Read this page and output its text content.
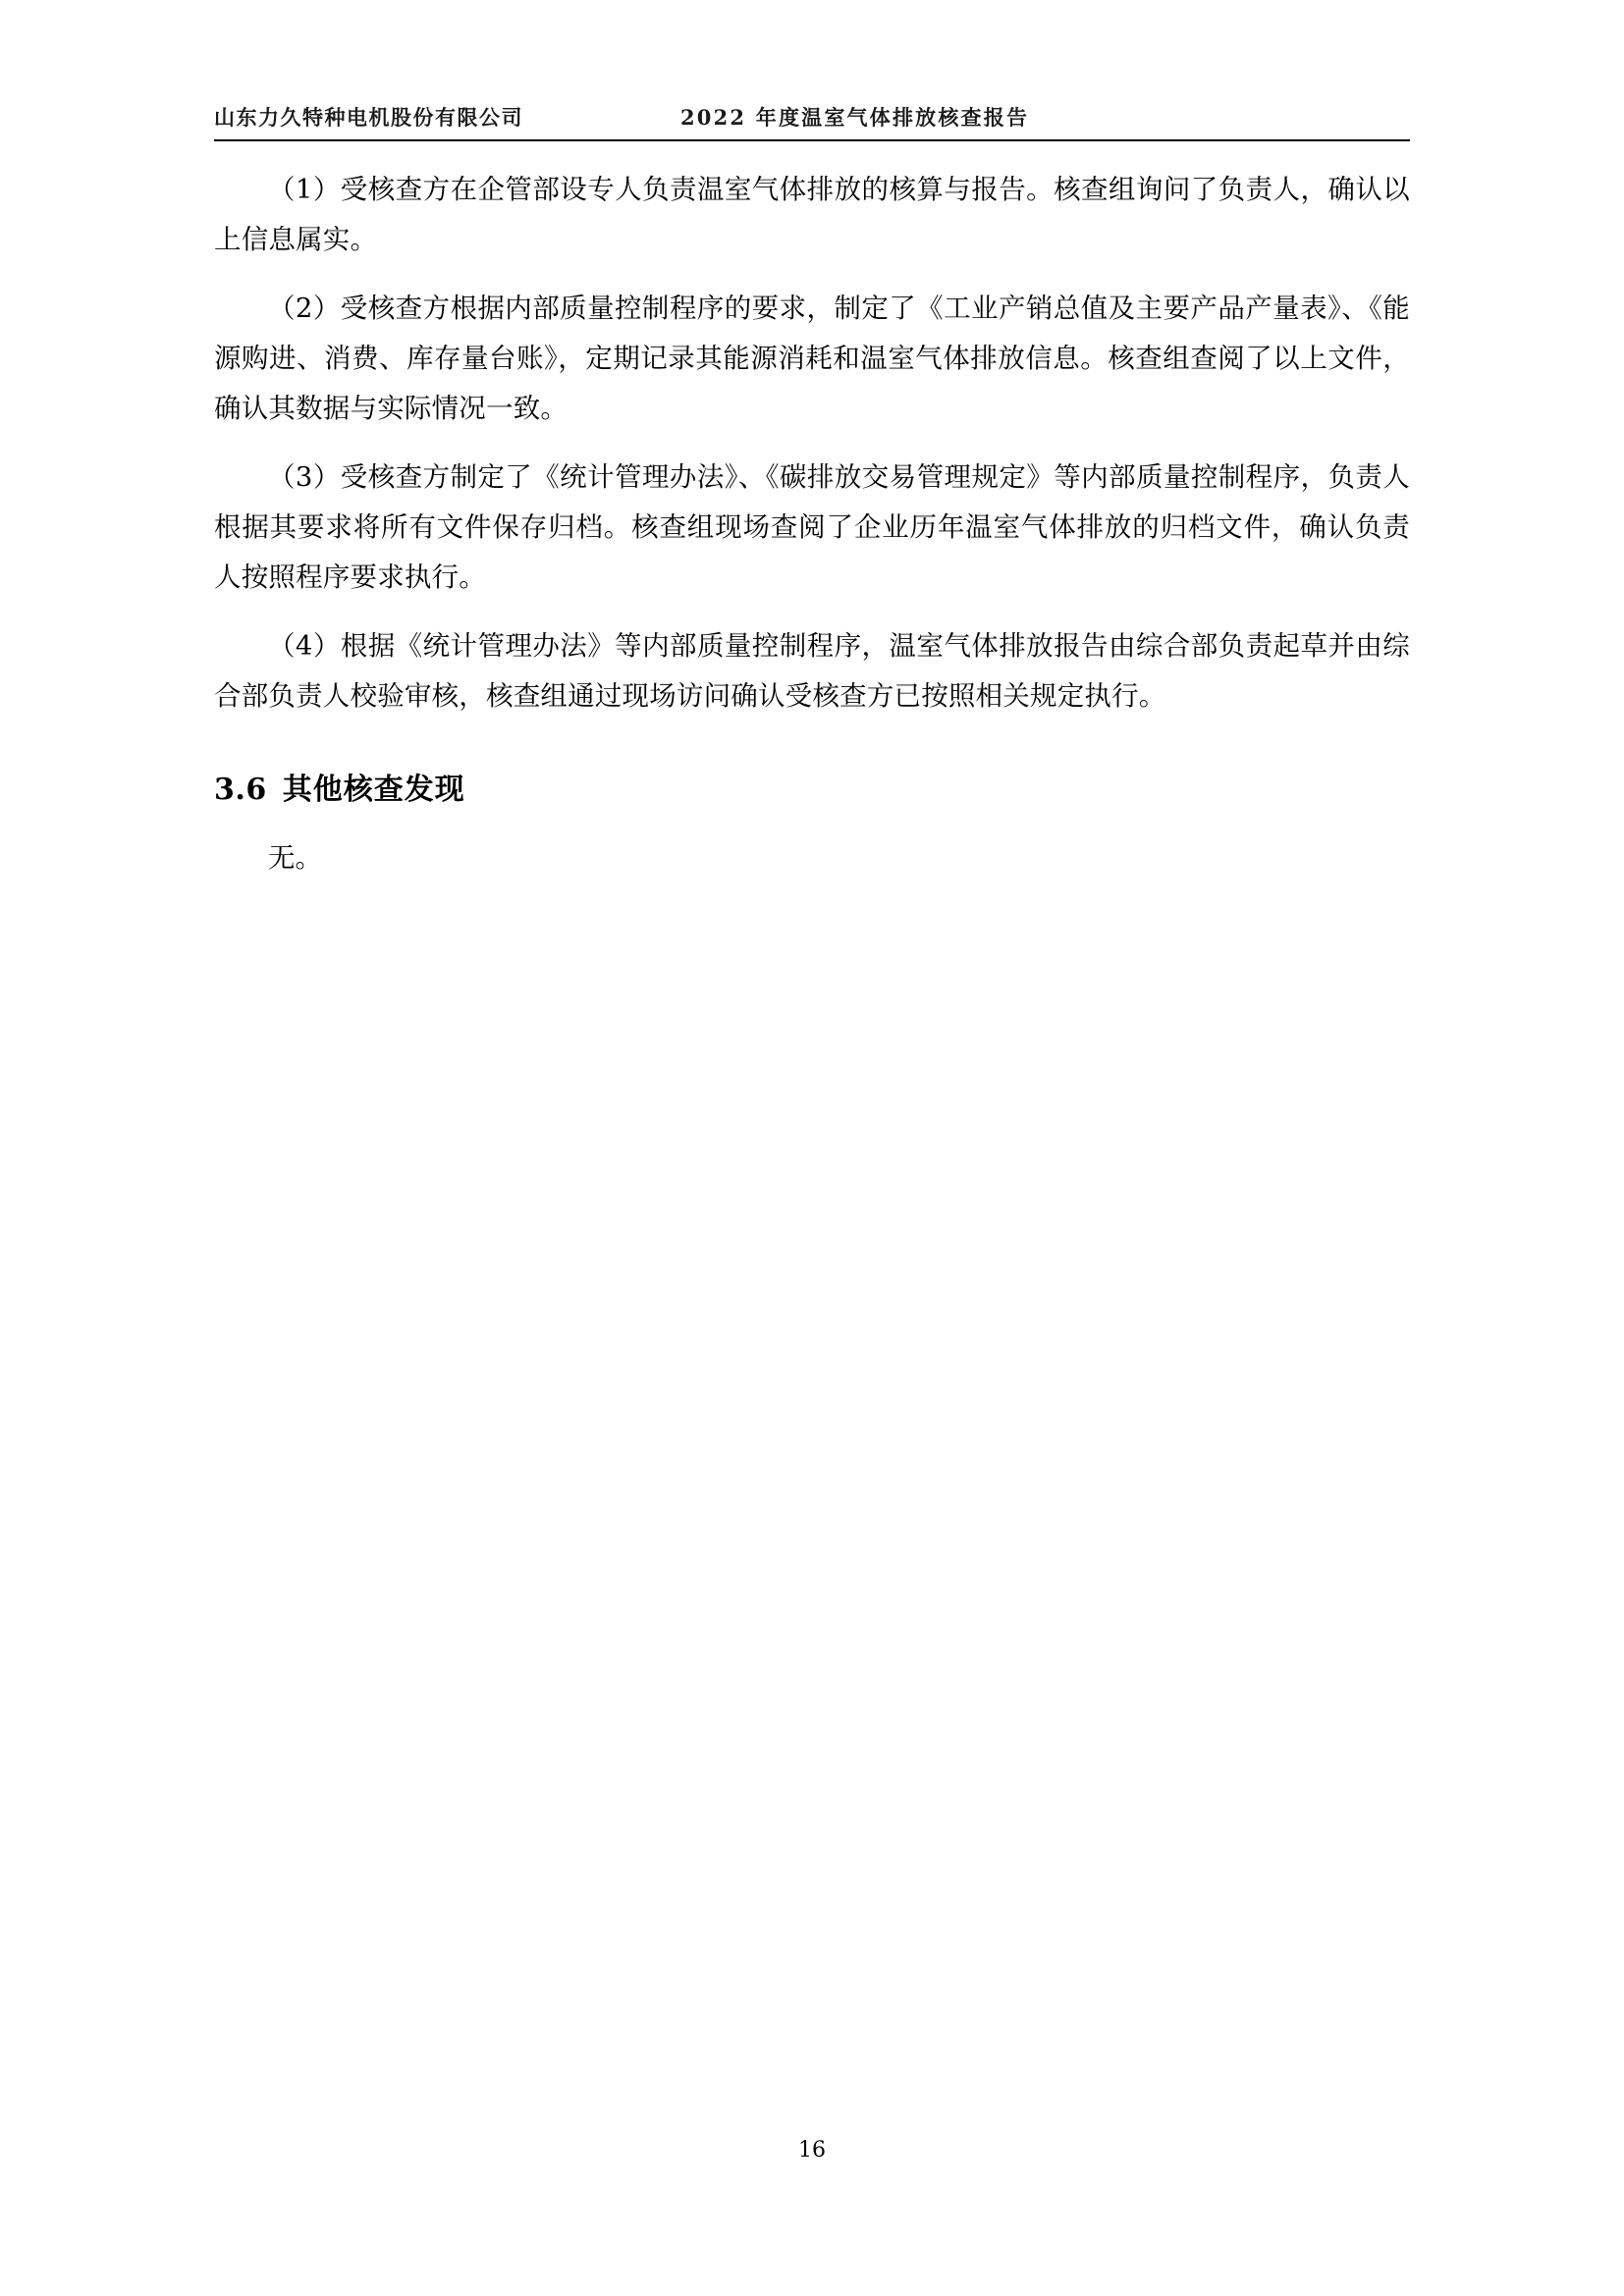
山东力久特种电机股份有限公司	2022 年度温室气体排放核查报告

（1）受核查方在企管部设专人负责温室气体排放的核算与报告。核查组询问了负责人，确认以上信息属实。

（2）受核查方根据内部质量控制程序的要求，制定了《工业产销总值及主要产品产量表》、《能源购进、消费、库存量台账》，定期记录其能源消耗和温室气体排放信息。核查组查阅了以上文件，确认其数据与实际情况一致。

（3）受核查方制定了《统计管理办法》、《碳排放交易管理规定》等内部质量控制程序，负责人根据其要求将所有文件保存归档。核查组现场查阅了企业历年温室气体排放的归档文件，确认负责人按照程序要求执行。

（4）根据《统计管理办法》等内部质量控制程序，温室气体排放报告由综合部负责起草并由综合部负责人校验审核，核查组通过现场访问确认受核查方已按照相关规定执行。

3.6 其他核查发现
无。
16
